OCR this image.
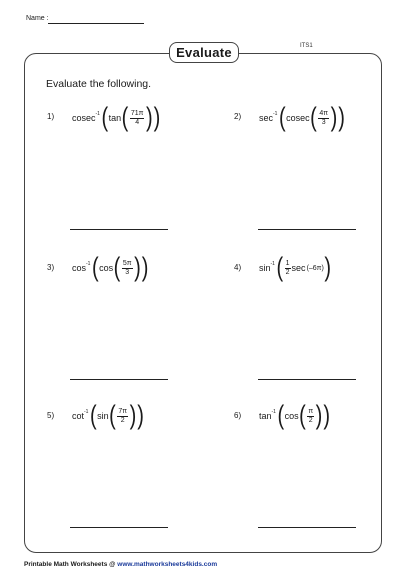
Name :
ITS1
Evaluate
Evaluate the following.
1) cosec -1 ( tan ( $\frac{71\pi}{4}$ ) )	2) sec -1 ( cosec ( $\frac{4\pi}{3}$ ) )
3) cos -1 ( cos ( $\frac{5\pi}{3}$ ) )	4) sin -1 ( $\frac{1}{2}$ sec (–6π) )
5) cot -1 ( sin ( $\frac{7\pi}{2}$ ) )	6) tan -1 ( cos ( $\frac{\pi}{2}$ ) )
Printable Math Worksheets @ www.mathworksheets4kids.com
